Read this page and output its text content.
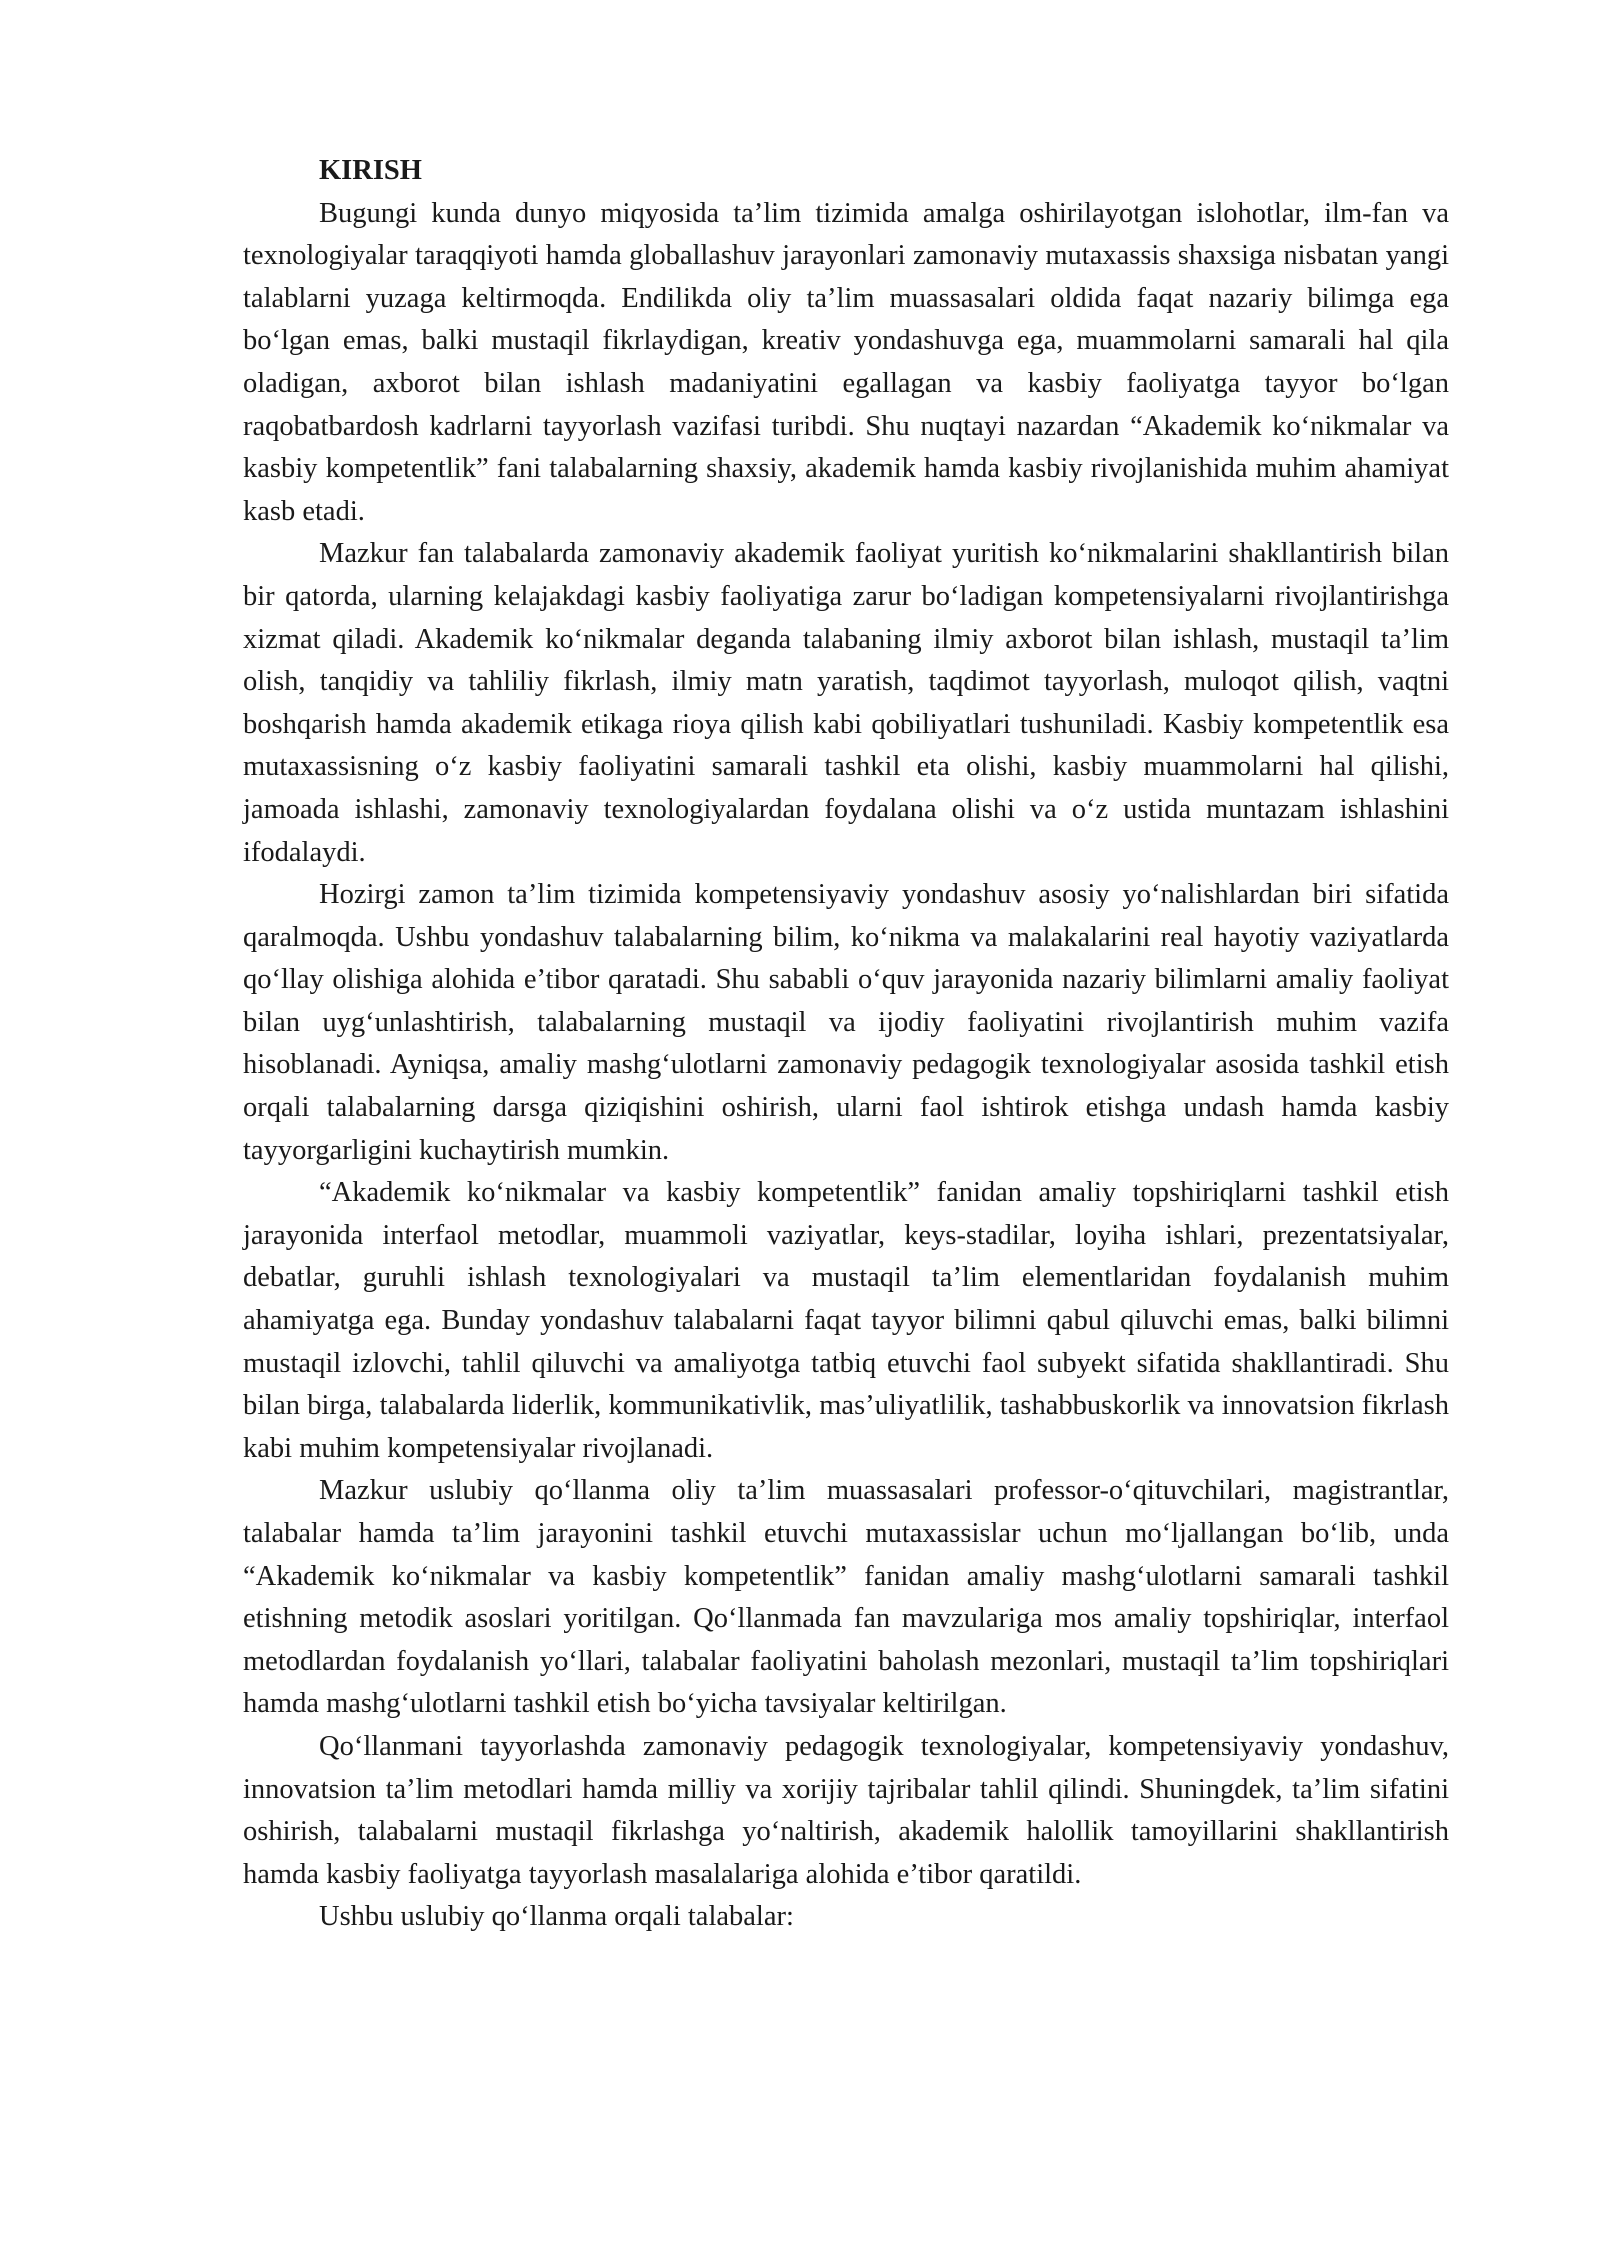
KIRISH

Bugungi kunda dunyo miqyosida ta’lim tizimida amalga oshirilayotgan islohotlar, ilm-fan va texnologiyalar taraqqiyoti hamda globallashuv jarayonlari zamonaviy mutaxassis shaxsiga nisbatan yangi talablarni yuzaga keltirmoqda. Endilikda oliy ta’lim muassasalari oldida faqat nazariy bilimga ega bo‘lgan emas, balki mustaqil fikrlaydigan, kreativ yondashuvga ega, muammolarni samarali hal qila oladigan, axborot bilan ishlash madaniyatini egallagan va kasbiy faoliyatga tayyor bo‘lgan raqobatbardosh kadrlarni tayyorlash vazifasi turibdi. Shu nuqtayi nazardan “Akademik ko‘nikmalar va kasbiy kompetentlik” fani talabalarning shaxsiy, akademik hamda kasbiy rivojlanishida muhim ahamiyat kasb etadi.

Mazkur fan talabalarda zamonaviy akademik faoliyat yuritish ko‘nikmalarini shakllantirish bilan bir qatorda, ularning kelajakdagi kasbiy faoliyatiga zarur bo‘ladigan kompetensiyalarni rivojlantirishga xizmat qiladi. Akademik ko‘nikmalar deganda talabaning ilmiy axborot bilan ishlash, mustaqil ta’lim olish, tanqidiy va tahliliy fikrlash, ilmiy matn yaratish, taqdimot tayyorlash, muloqot qilish, vaqtni boshqarish hamda akademik etikaga rioya qilish kabi qobiliyatlari tushuniladi. Kasbiy kompetentlik esa mutaxassisning o‘z kasbiy faoliyatini samarali tashkil eta olishi, kasbiy muammolarni hal qilishi, jamoada ishlashi, zamonaviy texnologiyalardan foydalana olishi va o‘z ustida muntazam ishlashini ifodalaydi.

Hozirgi zamon ta’lim tizimida kompetensiyaviy yondashuv asosiy yo‘nalishlardan biri sifatida qaralmoqda. Ushbu yondashuv talabalarning bilim, ko‘nikma va malakalarini real hayotiy vaziyatlarda qo‘llay olishiga alohida e’tibor qaratadi. Shu sababli o‘quv jarayonida nazariy bilimlarni amaliy faoliyat bilan uyg‘unlashtirish, talabalarning mustaqil va ijodiy faoliyatini rivojlantirish muhim vazifa hisoblanadi. Ayniqsa, amaliy mashg‘ulotlarni zamonaviy pedagogik texnologiyalar asosida tashkil etish orqali talabalarning darsga qiziqishini oshirish, ularni faol ishtirok etishga undash hamda kasbiy tayyorgarligini kuchaytirish mumkin.

“Akademik ko‘nikmalar va kasbiy kompetentlik” fanidan amaliy topshiriqlarni tashkil etish jarayonida interfaol metodlar, muammoli vaziyatlar, keys-stadilar, loyiha ishlari, prezentatsiyalar, debatlar, guruhli ishlash texnologiyalari va mustaqil ta’lim elementlaridan foydalanish muhim ahamiyatga ega. Bunday yondashuv talabalarni faqat tayyor bilimni qabul qiluvchi emas, balki bilimni mustaqil izlovchi, tahlil qiluvchi va amaliyotga tatbiq etuvchi faol subyekt sifatida shakllantiradi. Shu bilan birga, talabalarda liderlik, kommunikativlik, mas’uliyatlilik, tashabbuskorlik va innovatsion fikrlash kabi muhim kompetensiyalar rivojlanadi.

Mazkur uslubiy qo‘llanma oliy ta’lim muassasalari professor-o‘qituvchilari, magistrantlar, talabalar hamda ta’lim jarayonini tashkil etuvchi mutaxassislar uchun mo‘ljallangan bo‘lib, unda “Akademik ko‘nikmalar va kasbiy kompetentlik” fanidan amaliy mashg‘ulotlarni samarali tashkil etishning metodik asoslari yoritilgan. Qo‘llanmada fan mavzulariga mos amaliy topshiriqlar, interfaol metodlardan foydalanish yo‘llari, talabalar faoliyatini baholash mezonlari, mustaqil ta’lim topshiriqlari hamda mashg‘ulotlarni tashkil etish bo‘yicha tavsiyalar keltirilgan.

Qo‘llanmani tayyorlashda zamonaviy pedagogik texnologiyalar, kompetensiyaviy yondashuv, innovatsion ta’lim metodlari hamda milliy va xorijiy tajribalar tahlil qilindi. Shuningdek, ta’lim sifatini oshirish, talabalarni mustaqil fikrlashga yo‘naltirish, akademik halollik tamoyillarini shakllantirish hamda kasbiy faoliyatga tayyorlash masalalariga alohida e’tibor qaratildi.

Ushbu uslubiy qo‘llanma orqali talabalar:
